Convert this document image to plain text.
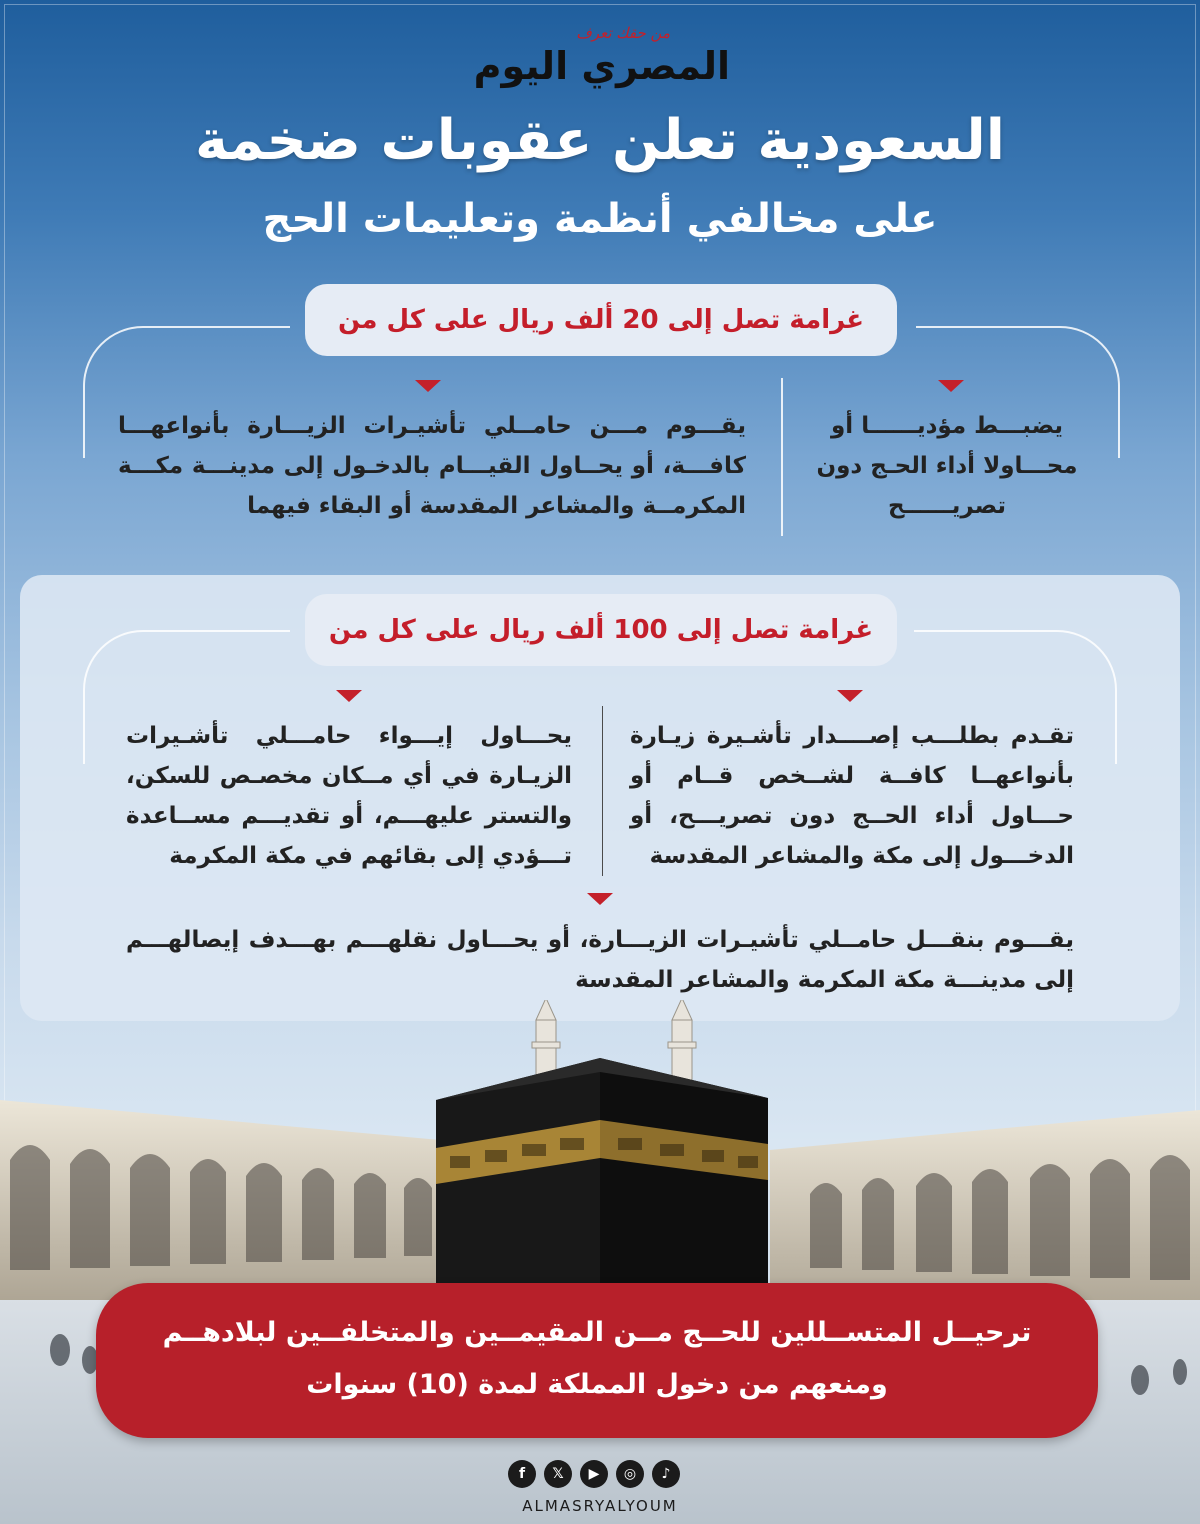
من حقك تعرف
المصري اليوم
السعودية تعلن عقوبات ضخمة
على مخالفي أنظمة وتعليمات الحج
غرامة تصل إلى 20 ألف ريال على كل من
يضبـــط مؤديــــــا أو محـــاولا أداء الحـج دون تصريــــــح
يقـــوم مـــن حامــلي تأشيـرات الزيـــارة بأنواعهـــا كافـــة، أو يحــاول القيـــام بالدخـول إلى مدينـــة مكـــة المكرمــة والمشاعر المقدسة أو البقاء فيهما
غرامة تصل إلى 100 ألف ريال على كل من
تقـدم بطلـــب إصــــدار تأشـيرة زيـارة بأنواعهــا كافــة لشــخص قــام أو حـــاول أداء الحــج دون تصريـــح، أو الدخـــول إلى مكة والمشاعر المقدسة
يحـــاول إيـــواء حامـــلي تأشـيرات الزيـارة في أي مــكان مخصـص للسكن، والتستر عليهـــم، أو تقديـــم مســاعدة تـــؤدي إلى بقائهم في مكة المكرمة
يقـــوم بنقـــل حامــلي تأشيـرات الزيـــارة، أو يحـــاول نقلهـــم بهـــدف إيصالهـــم إلى مدينـــة مكة المكرمة والمشاعر المقدسة
ترحيــل المتســللين للحــج مــن المقيمــين والمتخلفــين لبلادهــم ومنعهم من دخول المملكة لمدة (10) سنوات
f	𝕏	▶	◎	♪
ALMASRYALYOUM
